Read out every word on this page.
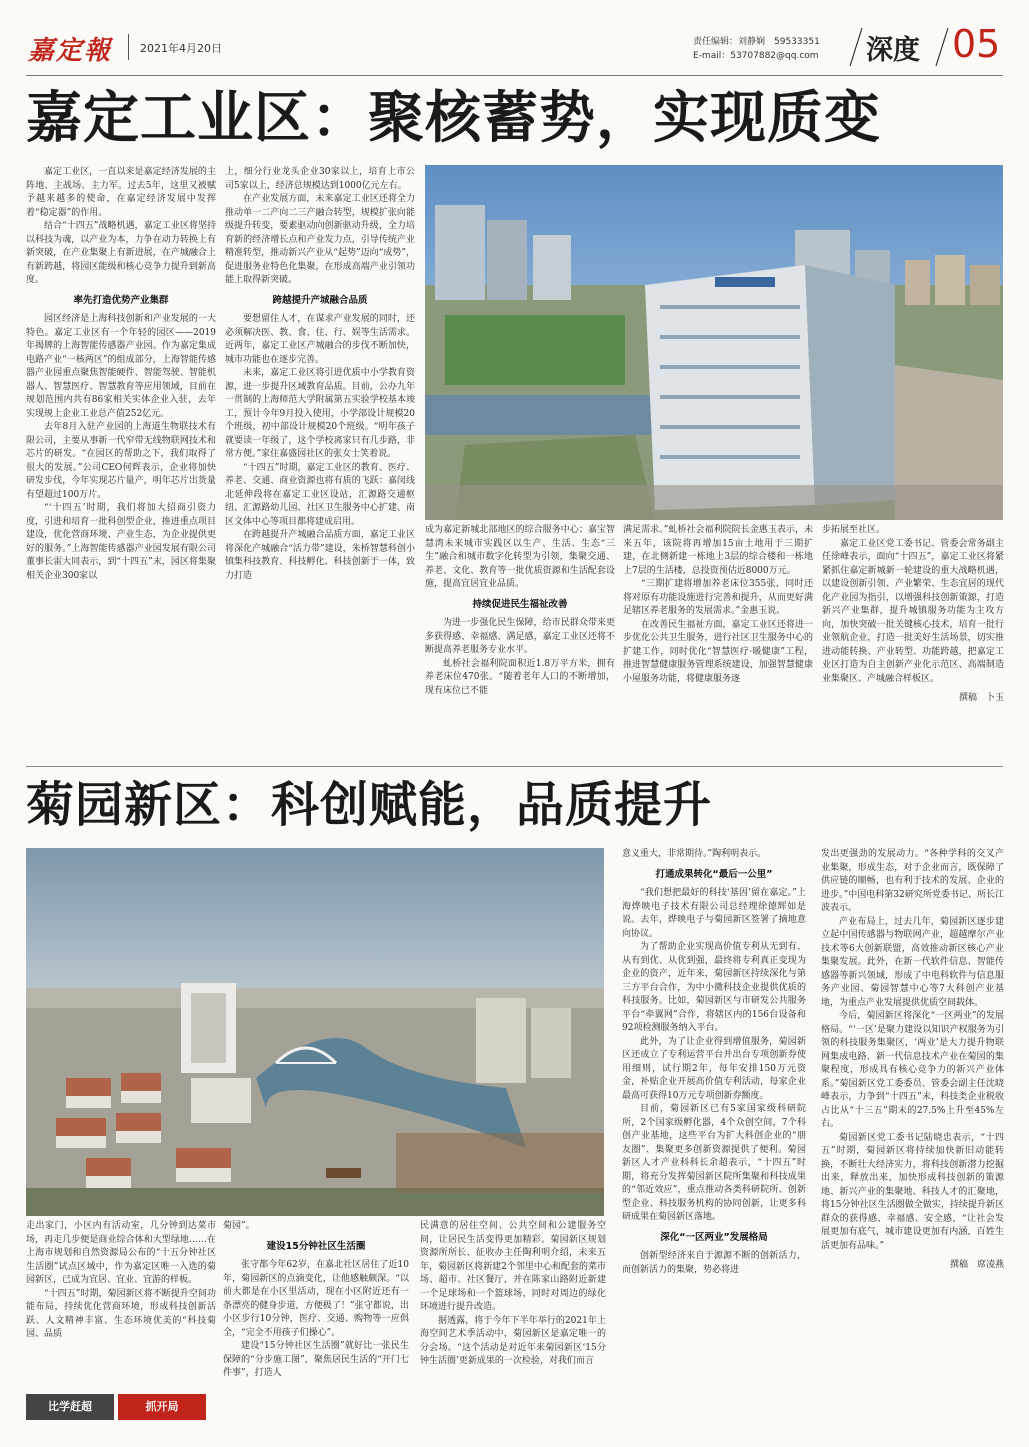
嘉定報	2021年4月20日	责任编辑：刘静娴　59533351
E-mail：53707882@qq.com 深度 05
嘉定工业区：聚核蓄势，实现质变

嘉定工业区，一直以来是嘉定经济发展的主阵地、主战场、主力军。过去5年，这里又被赋予越来越多的使命，在嘉定经济发展中发挥着“稳定器”的作用。

结合“十四五”战略机遇，嘉定工业区将坚持以科技为魂，以产业为本，力争在动力转换上有新突破，在产业集聚上有新进展，在产城融合上有新跨越，将园区能级和核心竞争力提升到新高度。

率先打造优势产业集群

园区经济是上海科技创新和产业发展的一大特色。嘉定工业区有一个年轻的园区——2019年揭牌的上海智能传感器产业园。作为嘉定集成电路产业“一核两区”的组成部分，上海智能传感器产业园重点聚焦智能硬件、智能驾驶、智能机器人、智慧医疗、智慧教育等应用领域，目前在规划范围内共有86家相关实体企业入驻，去年实现规上企业工业总产值252亿元。

去年8月入驻产业园的上海道生物联技术有限公司，主要从事新一代窄带无线物联网技术和芯片的研发。“在园区的帮助之下，我们取得了很大的发展。”公司CEO何辉表示，企业将加快研发步伐，今年实现芯片量产，明年芯片出货量有望超过100万片。

“‘十四五’时期，我们将加大招商引资力度，引进和培育一批科创型企业，推进重点项目建设，优化营商环境、产业生态，为企业提供更好的服务。”上海智能传感器产业园发展有限公司董事长雷大同表示，到“十四五”末，园区将集聚相关企业300家以

上，细分行业龙头企业30家以上，培育上市公司5家以上，经济总规模达到1000亿元左右。

在产业发展方面，未来嘉定工业区还将全力推动单一二产向二三产融合转型，规模扩张向能级提升转变，要素驱动向创新驱动升级，全力培育新的经济增长点和产业发力点，引导传统产业精准转型，推动新兴产业从“起势”迈向“成势”，促进服务业特色化集聚，在形成高端产业引领功能上取得新突破。

跨越提升产城融合品质

要想留住人才，在谋求产业发展的同时，还必须解决医、教、食、住、行、娱等生活需求。近两年，嘉定工业区产城融合的步伐不断加快，城市功能也在逐步完善。

未来，嘉定工业区将引进优质中小学教育资源，进一步提升区域教育品质。目前，公办九年一贯制的上海师范大学附属第五实验学校基本竣工，预计今年9月投入使用，小学部设计规模20个班级，初中部设计规模20个班级。“明年孩子就要读一年级了，这个学校离家只有几步路，非常方便。”家住嘉盛园社区的张女士笑着说。

“十四五”时期，嘉定工业区的教育、医疗、养老、交通、商业资源也将有质的飞跃：嘉闵线北延伸段将在嘉定工业区设站，汇源路交通枢纽、汇源路幼儿园、社区卫生服务中心扩建、南区文体中心等项目都将建成启用。

在跨越提升产城融合品质方面，嘉定工业区将深化产城融合“活力带”建设，朱桥智慧科创小镇集科技教育、科技孵化、科技创新于一体，致力打造

成为嘉定新城北部地区的综合服务中心；嘉宝智慧湾未来城市实践区以生产、生活、生态“三生”融合和城市数字化转型为引领，集聚交通、养老、文化、教育等一批优质资源和生活配套设施，提高宜居宜业品质。

持续促进民生福祉改善

为进一步强化民生保障，给市民群众带来更多获得感、幸福感、满足感，嘉定工业区还将不断提高养老服务专业水平。

虬桥社会福利院面积近1.8万平方米，拥有养老床位470张。“随着老年人口的不断增加，现有床位已不能

满足需求。”虬桥社会福利院院长金惠玉表示，未来五年，该院将再增加15亩土地用于三期扩建，在北侧新建一栋地上3层的综合楼和一栋地上7层的生活楼，总投资预估近8000万元。

“三期扩建将增加养老床位355张，同时还将对原有功能设施进行完善和提升，从而更好满足辖区养老服务的发展需求。”金惠玉说。

在改善民生福祉方面，嘉定工业区还将进一步优化公共卫生服务，进行社区卫生服务中心的扩建工作，同时优化“智慧医疗·暖健康”工程，推进智慧健康服务管理系统建设，加强智慧健康小屋服务功能，将健康服务逐

步拓展至社区。

嘉定工业区党工委书记、管委会常务副主任徐峰表示，面向“十四五”，嘉定工业区将紧紧抓住嘉定新城新一轮建设的重大战略机遇，以建设创新引领、产业繁荣、生态宜居的现代化产业园为指引，以增强科技创新策源，打造新兴产业集群，提升城镇服务功能为主攻方向，加快突破一批关键核心技术，培育一批行业领航企业，打造一批美好生活场景，切实推进动能转换、产业转型、功能跨越，把嘉定工业区打造为自主创新产业化示范区、高端制造业集聚区、产城融合样板区。

撰稿　卜玉

菊园新区：科创赋能，品质提升

意义重大，非常期待。”陶利明表示。

打通成果转化“最后一公里”

“我们想把最好的科技‘基因’留在嘉定。”上海烨映电子技术有限公司总经理徐德辉如是说。去年，烨映电子与菊园新区签署了摘地意向协议。

为了帮助企业实现高价值专利从无到有、从有到优、从优到强，最终将专利真正变现为企业的资产，近年来，菊园新区持续深化与第三方平台合作，为中小微科技企业提供优质的科技服务。比如，菊园新区与市研发公共服务平台“牵翼网”合作，将辖区内的156台设备和92项检测服务纳入平台。

此外，为了让企业得到增值服务，菊园新区还成立了专利运营平台并出台专项创新券使用细则，试行期2年，每年安排150万元资金，补贴企业开展高价值专利活动，每家企业最高可获得10万元专项创新券额度。

目前，菊园新区已有5家国家级科研院所，2个国家级孵化器，4个众创空间，7个科创产业基地，这些平台为扩大科创企业的“朋友圈”、集聚更多创新资源提供了便利。菊园新区人才产业科科长余超表示，“十四五”时期，将充分发挥菊园新区院所集聚和科技成果的“邻近效应”，重点推动各类科研院所、创新型企业、科技服务机构的协同创新，让更多科研成果在菊园新区落地。

深化“一区两业”发展格局

创新型经济来自于源源不断的创新活力，而创新活力的集聚，势必将进

发出更强劲的发展动力。“各种学科的交叉产业集聚，形成生态，对于企业而言，既保障了供应链的顺畅，也有利于技术的发展、企业的进步。”中国电科第32研究所党委书记、所长江波表示。

产业布局上，过去几年，菊园新区逐步建立起中国传感器与物联网产业，超越摩尔产业技术等6大创新联盟，高效推动新区核心产业集聚发展。此外，在新一代软件信息、智能传感器等新兴领域，形成了中电科软件与信息服务产业园、菊园智慧中心等7大科创产业基地，为重点产业发展提供优质空间载体。

今后，菊园新区将深化“一区两业”的发展格局。“‘一区’是聚力建设以知识产权服务为引领的科技服务集聚区，‘两业’是大力提升物联网集成电路、新一代信息技术产业在菊园的集聚程度，形成具有核心竞争力的新兴产业体系。”菊园新区党工委委员、管委会副主任沈晓峰表示，力争到“十四五”末，科技类企业税收占比从“十三五”期末的27.5%上升至45%左右。

菊园新区党工委书记陆晓忠表示，“十四五”时期，菊园新区将持续加快新旧动能转换，不断壮大经济实力，将科技创新潜力挖掘出来，释放出来，加快形成科技创新的策源地、新兴产业的集聚地、科技人才的汇聚地，将15分钟社区生活圈做全做实，持续提升新区群众的获得感、幸福感、安全感，“让社会发展更加有底气，城市建设更加有内涵，百姓生活更加有品味。”

撰稿　席凌燕

走出家门，小区内有活动室，几分钟到达菜市场，再走几步便是商业综合体和大型绿地……在上海市规划和自然资源局公布的“十五分钟社区生活圈”试点区域中，作为嘉定区唯一入选的菊园新区，已成为宜居、宜业、宜游的样板。

“十四五”时期，菊园新区将不断提升空间功能布局，持续优化营商环境，形成科技创新活跃、人文精神丰富、生态环境优美的“科技菊园、品质

菊园”。

建设15分钟社区生活圈

张守都今年62岁，在嘉北社区居住了近10年，菊园新区的点滴变化，让他感触颇深。“以前大都是在小区里活动，现在小区附近还有一条漂亮的健身步道，方便极了！”张守都说，出小区步行10分钟，医疗、交通、购物等一应俱全，“完全不用孩子们操心”。

建设“15分钟社区生活圈”就好比一张民生保障的“分步施工图”，聚焦居民生活的“开门七件事”，打造人

民满意的居住空间、公共空间和公建服务空间，让居民生活变得更加精彩。菊园新区规划资源所所长、征收办主任陶利明介绍，未来五年，菊园新区将新建2个邻里中心和配套的菜市场、超市、社区餐厅，并在陈家山路附近新建一个足球场和一个篮球场，同时对周边的绿化环境进行提升改造。

据透露，将于今年下半年举行的2021年上海空间艺术季活动中，菊园新区是嘉定唯一的分会场。“这个活动是对近年来菊园新区‘15分钟生活圈’更新成果的一次检验，对我们而言

比学赶超	抓开局
